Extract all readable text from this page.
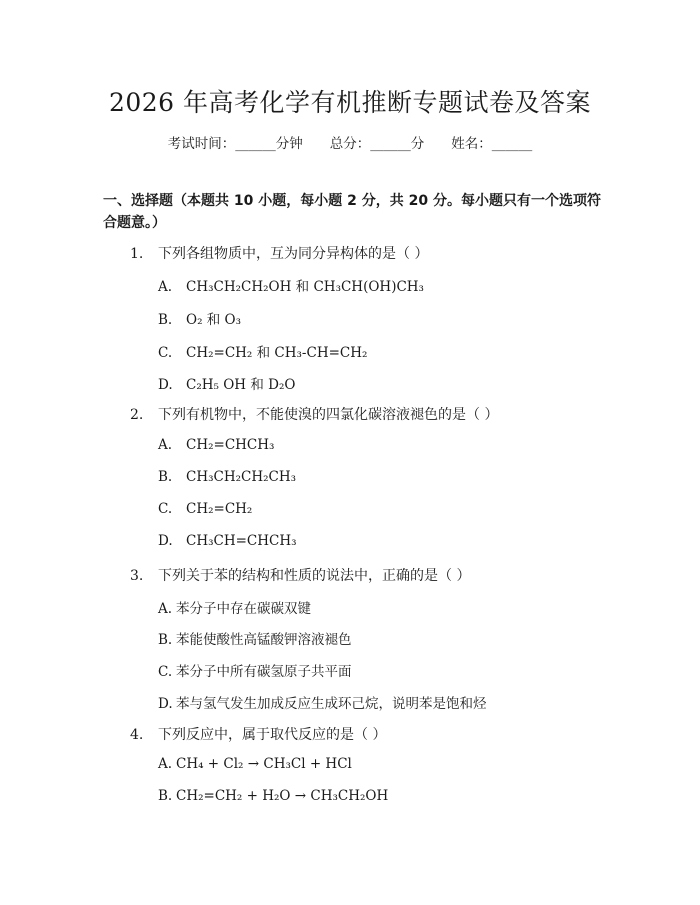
2026 年高考化学有机推断专题试卷及答案
考试时间：______分钟　　总分：______分　　姓名：______
一、选择题（本题共 10 小题，每小题 2 分，共 20 分。每小题只有一个选项符合题意。）
1. 下列各组物质中，互为同分异构体的是（ ）
A. CH₃CH₂CH₂OH 和 CH₃CH(OH)CH₃
B. O₂ 和 O₃
C. CH₂=CH₂ 和 CH₃-CH=CH₂
D. C₂H₅ OH 和 D₂O
2. 下列有机物中，不能使溴的四氯化碳溶液褪色的是（ ）
A. CH₂=CHCH₃
B. CH₃CH₂CH₂CH₃
C. CH₂=CH₂
D. CH₃CH=CHCH₃
3. 下列关于苯的结构和性质的说法中，正确的是（ ）
A. 苯分子中存在碳碳双键
B. 苯能使酸性高锰酸钾溶液褪色
C. 苯分子中所有碳氢原子共平面
D. 苯与氢气发生加成反应生成环己烷，说明苯是饱和烃
4. 下列反应中，属于取代反应的是（ ）
A. CH₄ + Cl₂ → CH₃Cl + HCl
B. CH₂=CH₂ + H₂O → CH₃CH₂OH
